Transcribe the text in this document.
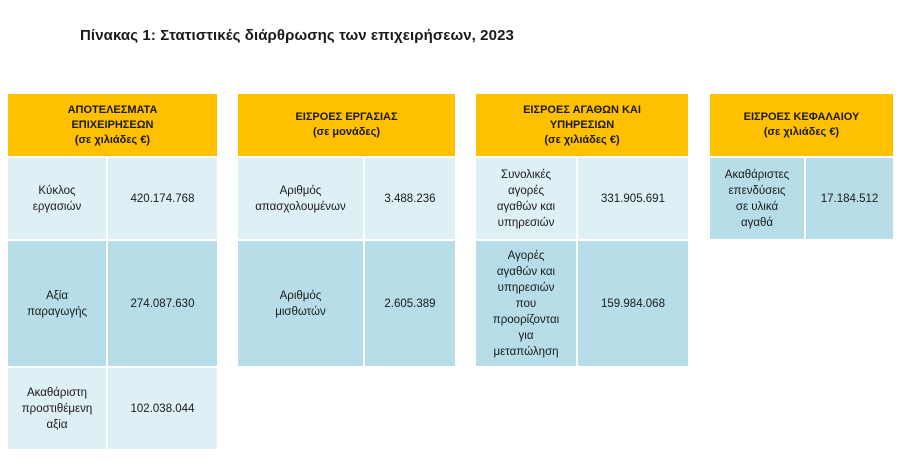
Πίνακας 1: Στατιστικές διάρθρωσης των επιχειρήσεων, 2023
ΑΠΟΤΕΛΕΣΜΑΤΑ
ΕΠΙΧΕΙΡΗΣΕΩΝ
(σε χιλιάδες €)
Κύκλος
εργασιών
420.174.768
Αξία
παραγωγής
274.087.630
Ακαθάριστη
προστιθέμενη
αξία
102.038.044
ΕΙΣΡΟΕΣ ΕΡΓΑΣΙΑΣ
(σε μονάδες)
Αριθμός
απασχολουμένων
3.488.236
Αριθμός
μισθωτών
2.605.389
ΕΙΣΡΟΕΣ ΑΓΑΘΩΝ ΚΑΙ
ΥΠΗΡΕΣΙΩΝ
(σε χιλιάδες €)
Συνολικές
αγορές
αγαθών και
υπηρεσιών
331.905.691
Αγορές
αγαθών και
υπηρεσιών
που
προορίζονται
για
μεταπώληση
159.984.068
ΕΙΣΡΟΕΣ ΚΕΦΑΛΑΙΟΥ
(σε χιλιάδες €)
Ακαθάριστες
επενδύσεις
σε υλικά
αγαθά
17.184.512
